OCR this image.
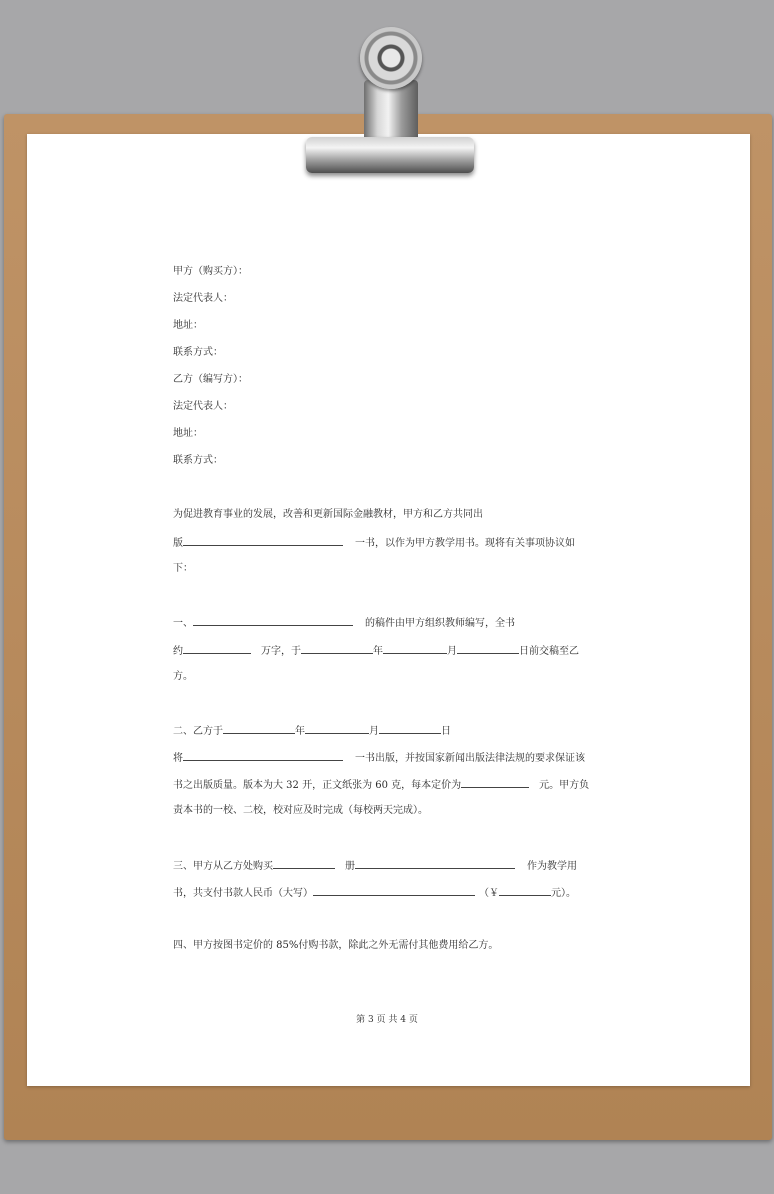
甲方（购买方）：
法定代表人：
地址：
联系方式：
乙方（编写方）：
法定代表人：
地址：
联系方式：
为促进教育事业的发展，改善和更新国际金融教材，甲方和乙方共同出
版	一书，以作为甲方教学用书。现将有关事项协议如
下：
一、	的稿件由甲方组织教师编写，全书
约	万字，于	年	月	日前交稿至乙
方。
二、乙方于	年	月	日
将	一书出版，并按国家新闻出版法律法规的要求保证该
书之出版质量。版本为大 32 开，正文纸张为 60 克，每本定价为	元。甲方负
责本书的一校、二校，校对应及时完成（每校两天完成）。
三、甲方从乙方处购买	册	作为教学用
书，共支付书款人民币（大写）	（￥	元）。
四、甲方按图书定价的 85%付购书款，除此之外无需付其他费用给乙方。
第 3 页 共 4 页
